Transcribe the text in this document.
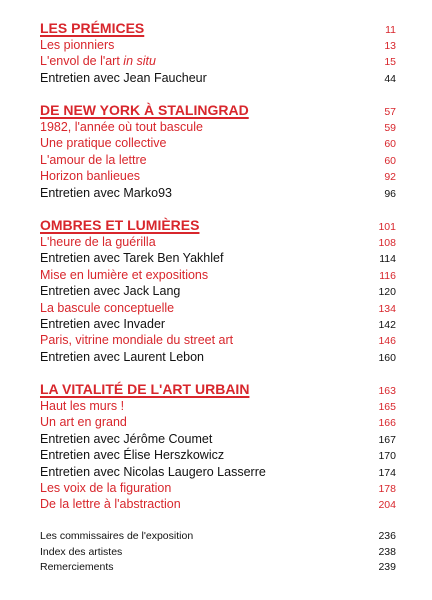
LES PRÉMICES	11
Les pionniers	13
L'envol de l'art in situ	15
Entretien avec Jean Faucheur	44
DE NEW YORK À STALINGRAD	57
1982, l'année où tout bascule	59
Une pratique collective	60
L'amour de la lettre	60
Horizon banlieues	92
Entretien avec Marko93	96
OMBRES ET LUMIÈRES	101
L'heure de la guérilla	108
Entretien avec Tarek Ben Yakhlef	114
Mise en lumière et expositions	116
Entretien avec Jack Lang	120
La bascule conceptuelle	134
Entretien avec Invader	142
Paris, vitrine mondiale du street art	146
Entretien avec Laurent Lebon	160
LA VITALITÉ DE L'ART URBAIN	163
Haut les murs !	165
Un art en grand	166
Entretien avec Jérôme Coumet	167
Entretien avec Élise Herszkowicz	170
Entretien avec Nicolas Laugero Lasserre	174
Les voix de la figuration	178
De la lettre à l'abstraction	204
Les commissaires de l'exposition	236
Index des artistes	238
Remerciements	239
